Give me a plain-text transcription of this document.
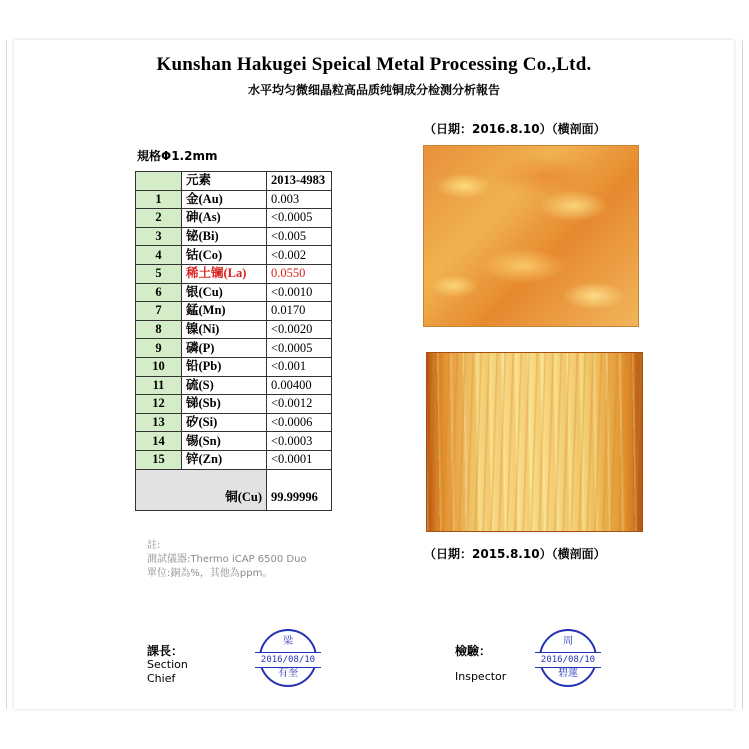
Kunshan Hakugei Speical Metal Processing Co.,Ltd.
水平均匀微细晶粒高品质纯铜成分检测分析報告
（日期：2016.8.10）（横剖面）
規格Φ1.2mm
	元素	2013-4983
1	金(Au)	0.003
2	砷(As)	<0.0005
3	铋(Bi)	<0.005
4	钴(Co)	<0.002
5	稀土镧(La)	0.0550
6	银(Cu)	<0.0010
7	錳(Mn)	0.0170
8	镍(Ni)	<0.0020
9	磷(P)	<0.0005
10	铅(Pb)	<0.001
11	硫(S)	0.00400
12	锑(Sb)	<0.0012
13	矽(Si)	<0.0006
14	锡(Sn)	<0.0003
15	锌(Zn)	<0.0001
铜(Cu)		99.99996
註:
測試儀器:Thermo iCAP 6500 Duo
單位:銅為%，其他為ppm。
（日期：2015.8.10）（横剖面）
課長：
Section
Chief
梁
2016/08/10
有奎
檢驗：
Inspector
周
2016/08/10
碧蓮
